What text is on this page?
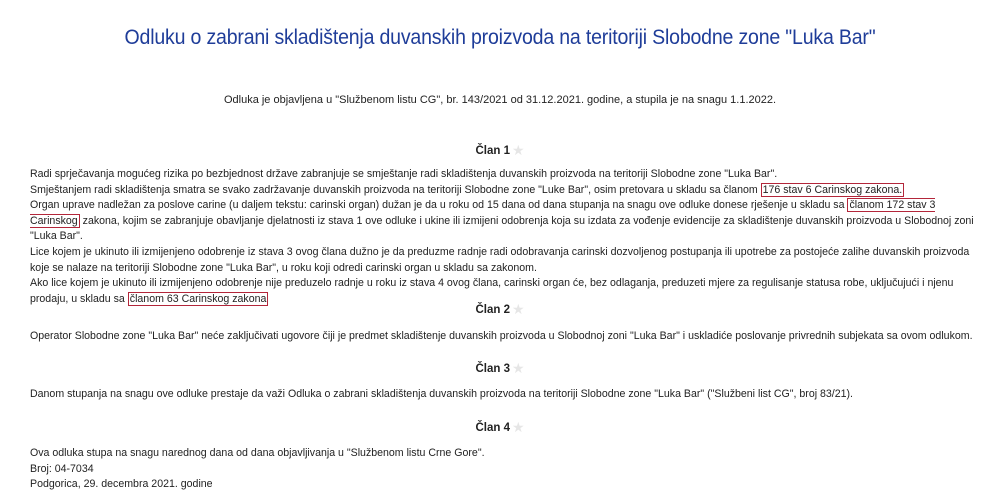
Odluku o zabrani skladištenja duvanskih proizvoda na teritoriji Slobodne zone "Luka Bar"
Odluka je objavljena u "Službenom listu CG", br. 143/2021 od 31.12.2021. godine, a stupila je na snagu 1.1.2022.
Član 1 ★

Radi sprječavanja mogućeg rizika po bezbjednost države zabranjuje se smještanje radi skladištenja duvanskih proizvoda na teritoriji Slobodne zone "Luka Bar".

Smještanjem radi skladištenja smatra se svako zadržavanje duvanskih proizvoda na teritoriji Slobodne zone "Luke Bar", osim pretovara u skladu sa članom 176 stav 6 Carinskog zakona.

Organ uprave nadležan za poslove carine (u daljem tekstu: carinski organ) dužan je da u roku od 15 dana od dana stupanja na snagu ove odluke donese rješenje u skladu sa članom 172 stav 3 Carinskog zakona, kojim se zabranjuje obavljanje djelatnosti iz stava 1 ove odluke i ukine ili izmijeni odobrenja koja su izdata za vođenje evidencije za skladištenje duvanskih proizvoda u Slobodnoj zoni "Luka Bar".

Lice kojem je ukinuto ili izmijenjeno odobrenje iz stava 3 ovog člana dužno je da preduzme radnje radi odobravanja carinski dozvoljenog postupanja ili upotrebe za postojeće zalihe duvanskih proizvoda koje se nalaze na teritoriji Slobodne zone "Luka Bar", u roku koji odredi carinski organ u skladu sa zakonom.

Ako lice kojem je ukinuto ili izmijenjeno odobrenje nije preduzelo radnje u roku iz stava 4 ovog člana, carinski organ će, bez odlaganja, preduzeti mjere za regulisanje statusa robe, uključujući i njenu prodaju, u skladu sa članom 63 Carinskog zakona

Član 2 ★

Operator Slobodne zone "Luka Bar" neće zaključivati ugovore čiji je predmet skladištenje duvanskih proizvoda u Slobodnoj zoni "Luka Bar" i uskladiće poslovanje privrednih subjekata sa ovom odlukom.

Član 3 ★

Danom stupanja na snagu ove odluke prestaje da važi Odluka o zabrani skladištenja duvanskih proizvoda na teritoriji Slobodne zone "Luka Bar" ("Službeni list CG", broj 83/21).

Član 4 ★

Ova odluka stupa na snagu narednog dana od dana objavljivanja u "Službenom listu Crne Gore".

Broj: 04-7034

Podgorica, 29. decembra 2021. godine
